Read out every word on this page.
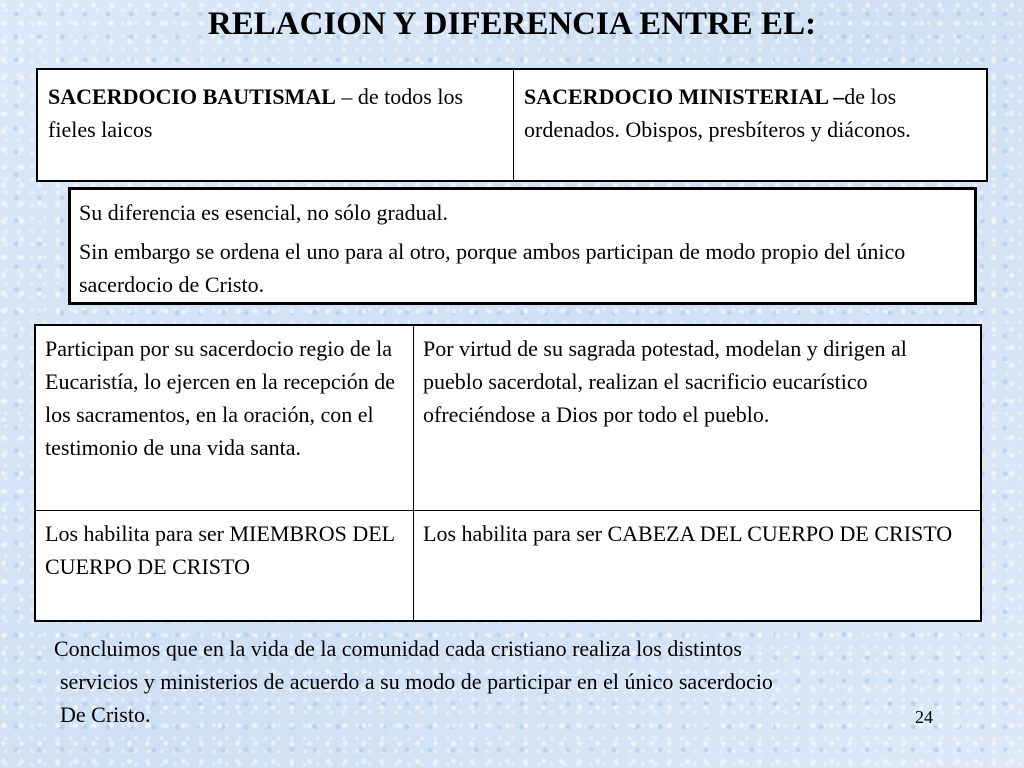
RELACION Y DIFERENCIA ENTRE EL:
SACERDOCIO BAUTISMAL – de todos los fieles laicos	SACERDOCIO MINISTERIAL –de los ordenados. Obispos, presbíteros y diáconos.

Su diferencia es esencial, no sólo gradual.

Sin embargo se ordena el uno para al otro, porque ambos participan de modo propio del único sacerdocio de Cristo.

Participan por su sacerdocio regio de la Eucaristía, lo ejercen en la recepción de los sacramentos, en la oración, con el testimonio de una vida santa.	Por virtud de su sagrada potestad, modelan y dirigen al pueblo sacerdotal, realizan el sacrificio eucarístico ofreciéndose a Dios por todo el pueblo.
Los habilita para ser MIEMBROS DEL CUERPO DE CRISTO	Los habilita para ser CABEZA DEL CUERPO DE CRISTO
Concluimos que en la vida de la comunidad cada cristiano realiza los distintos
servicios y ministerios de acuerdo a su modo de participar en el único sacerdocio
De Cristo.	24
